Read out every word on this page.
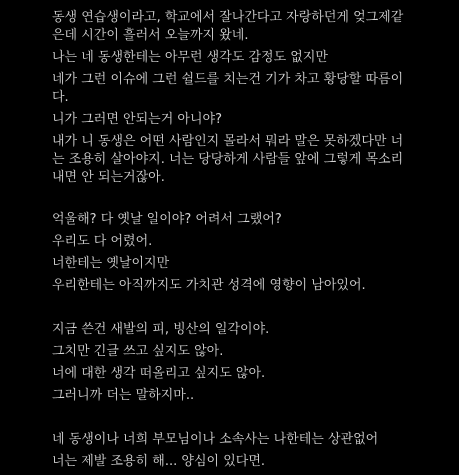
동생 연습생이라고, 학교에서 잘나간다고 자랑하던게 엊그제같
은데 시간이 흘러서 오늘까지 왔네.
나는 네 동생한테는 아무런 생각도 감정도 없지만
네가 그런 이슈에 그런 쉴드를 치는건 기가 차고 황당할 따름이
다.
니가 그러면 안되는거 아니야?
내가 니 동생은 어떤 사람인지 몰라서 뭐라 말은 못하겠다만 너
는 조용히 살아야지. 너는 당당하게 사람들 앞에 그렇게 목소리
내면 안 되는거잖아.
억울해? 다 옛날 일이야? 어려서 그랬어?
우리도 다 어렸어.
너한테는 옛날이지만
우리한테는 아직까지도 가치관 성격에 영향이 남아있어.
지금 쓴건 새발의 피, 빙산의 일각이야.
그치만 긴글 쓰고 싶지도 않아.
너에 대한 생각 떠올리고 싶지도 않아.
그러니까 더는 말하지마..
네 동생이나 너희 부모님이나 소속사는 나한테는 상관없어
너는 제발 조용히 해... 양심이 있다면.
